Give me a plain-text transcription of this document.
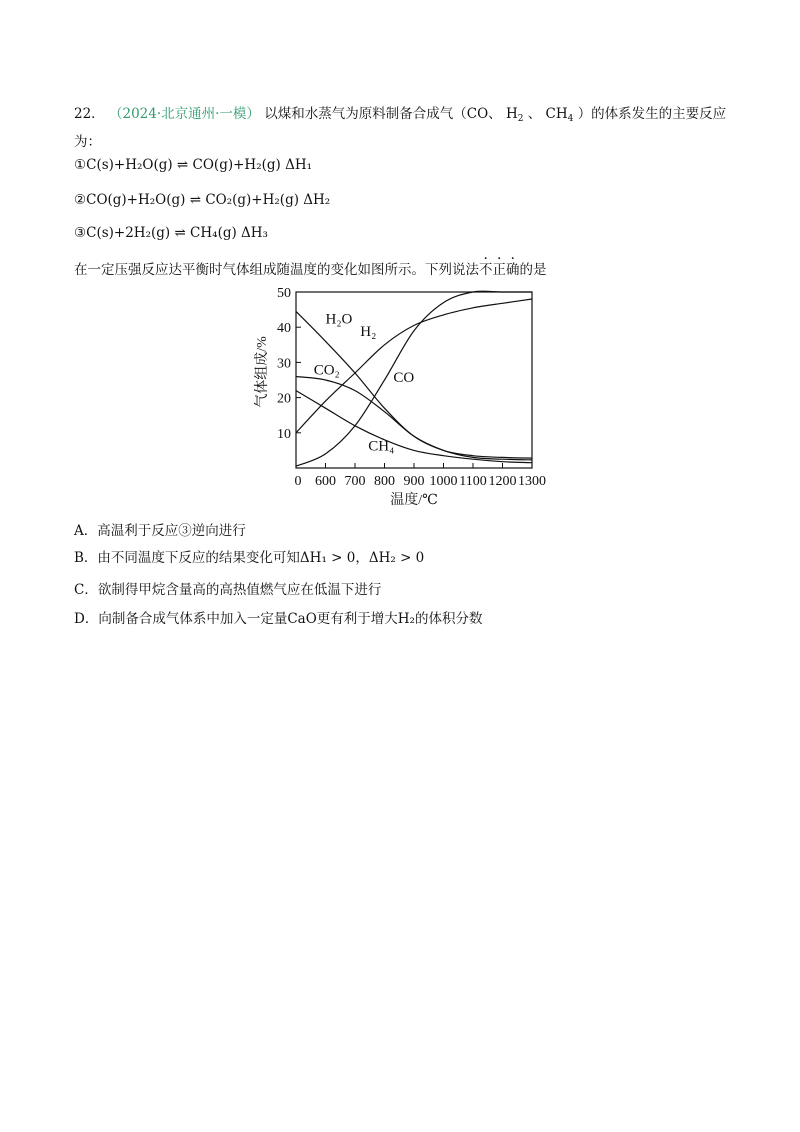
22． （2024·北京通州·一模） 以煤和水蒸气为原料制备合成气（CO、 $H_2$ 、 $CH_4$ ）的体系发生的主要反应
为：
①C(s)+H₂O(g) ⇌ CO(g)+H₂(g) ΔH₁
②CO(g)+H₂O(g) ⇌ CO₂(g)+H₂(g) ΔH₂
③C(s)+2H₂(g) ⇌ CH₄(g) ΔH₃
在一定压强反应达平衡时气体组成随温度的变化如图所示。下列说法不正确的是
10
20
30
40
50
0 600 700 800 900 1000 1100 1200 1300
温度/℃
气体组成/%
H₂O
H₂
CO₂	CO
CH₄
A．高温利于反应③逆向进行
B．由不同温度下反应的结果变化可知ΔH₁ > 0，ΔH₂ > 0
C．欲制得甲烷含量高的高热值燃气应在低温下进行
D．向制备合成气体系中加入一定量CaO更有利于增大H₂的体积分数
